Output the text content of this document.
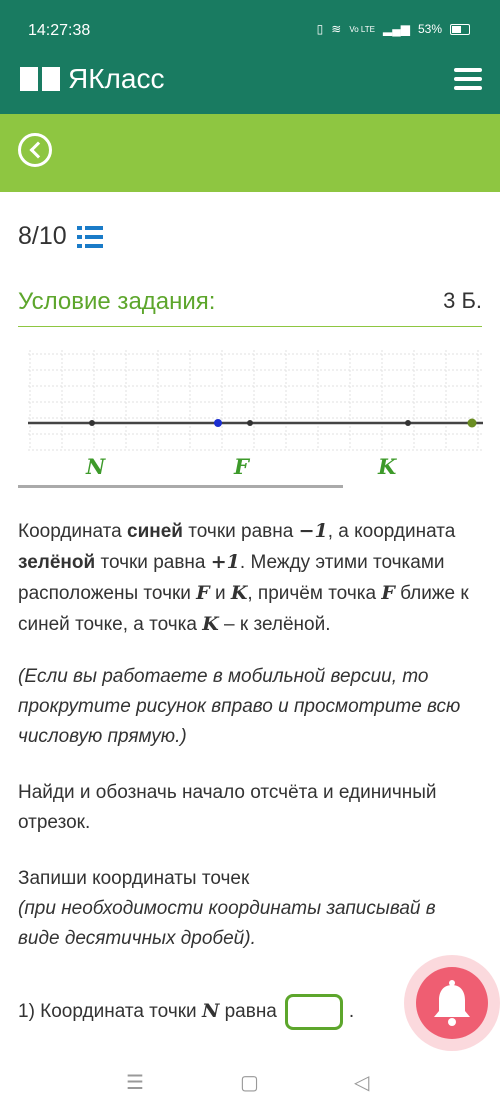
14:27:38	▯ ≋ Vo LTE ▂▄▆ 53%
ЯКласс
8/10
Условие задания:	3 Б.
N	F	K
Координата синей точки равна −1, а координата зелёной точки равна +1. Между этими точками расположены точки F и K, причём точка F ближе к синей точке, а точка K – к зелёной.
(Если вы работаете в мобильной версии, то прокрутите рисунок вправо и просмотрите всю числовую прямую.)
Найди и обозначь начало отсчёта и единичный отрезок.
Запиши координаты точек
(при необходимости координаты записывай в виде десятичных дробей).
1) Координата точки N равна	.
☰	▢	◁
